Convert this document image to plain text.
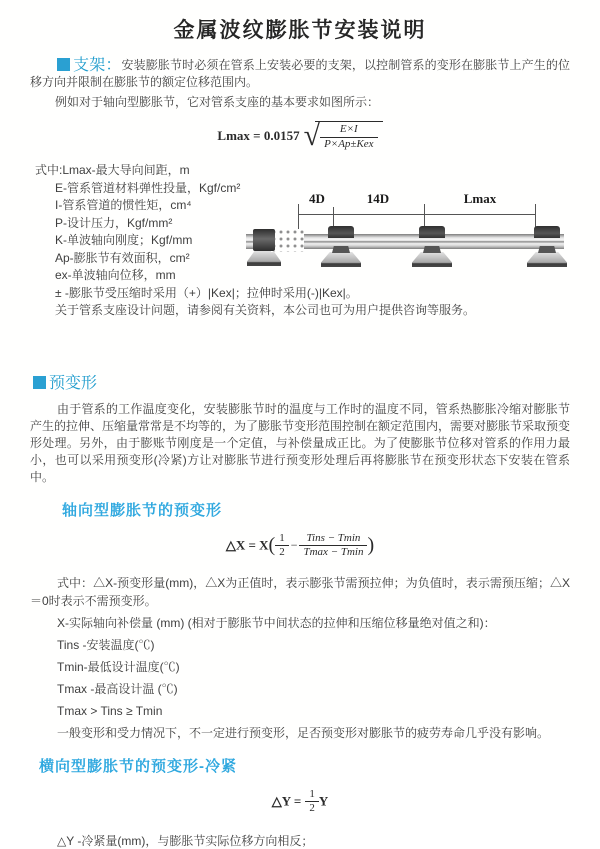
金属波纹膨胀节安装说明

支架：安装膨胀节时必须在管系上安装必要的支架，以控制管系的变形在膨胀节上产生的位移方向并限制在膨胀节的额定位移范围内。

例如对于轴向型膨胀节，它对管系支座的基本要求如图所示：

Lmax = 0.0157 √ $\frac{E\times I}{\text{P×Ap±Kex}}$
式中:Lmax-最大导向间距，m
E-管系管道材料弹性投量，Kgf/cm²
I-管系管道的惯性矩，cm⁴
P-设计压力，Kgf/mm²
K-单波轴向刚度；Kgf/mm
Ap-膨胀节有效面积，cm²
ex-单波轴向位移，mm
± -膨胀节受压缩时采用（+）|Kex|；拉伸时采用(-)|Kex|。
关于管系支座设计问题，请参阅有关资料，本公司也可为用户提供咨询等服务。
4D	14D	Lmax
预变形

由于管系的工作温度变化，安装膨胀节时的温度与工作时的温度不同，管系热膨胀冷缩对膨胀节产生的拉伸、压缩量常常是不均等的，为了膨胀节变形范围控制在额定范围内，需要对膨胀节采取预变形处理。另外，由于膨账节刚度是一个定值，与补偿量成正比。为了使膨胀节位移对管系的作用力最小，也可以采用预变形(冷紧)方让对膨胀节进行预变形处理后再将膨胀节在预变形状态下安装在管系中。

轴向型膨胀节的预变形
△X = $X( \frac{1}{2} - \frac{\text{Tins − Tmin}}{Tmax - Tmin}$ )

式中：△X-预变形量(mm)，△X为正值时，表示膨张节需预拉伸；为负值时，表示需预压缩；△X＝0时表示不需预变形。

X-实际轴向补偿量 (mm) (相对于膨胀节中间状态的拉伸和压缩位移量绝对值之和)：

Tins -安装温度(℃)

Tmin-最低设计温度(℃)

Tmax -最高设计温 (℃)

Tmax > Tins ≥ Tmin

一般变形和受力情况下，不一定进行预变形，足否预变形对膨胀节的疲劳寿命几乎没有影响。

横向型膨胀节的预变形-冷紧
△Y = $\frac{1}{2}$ Y

△Y -冷紧量(mm)，与膨胀节实际位移方向相反；
